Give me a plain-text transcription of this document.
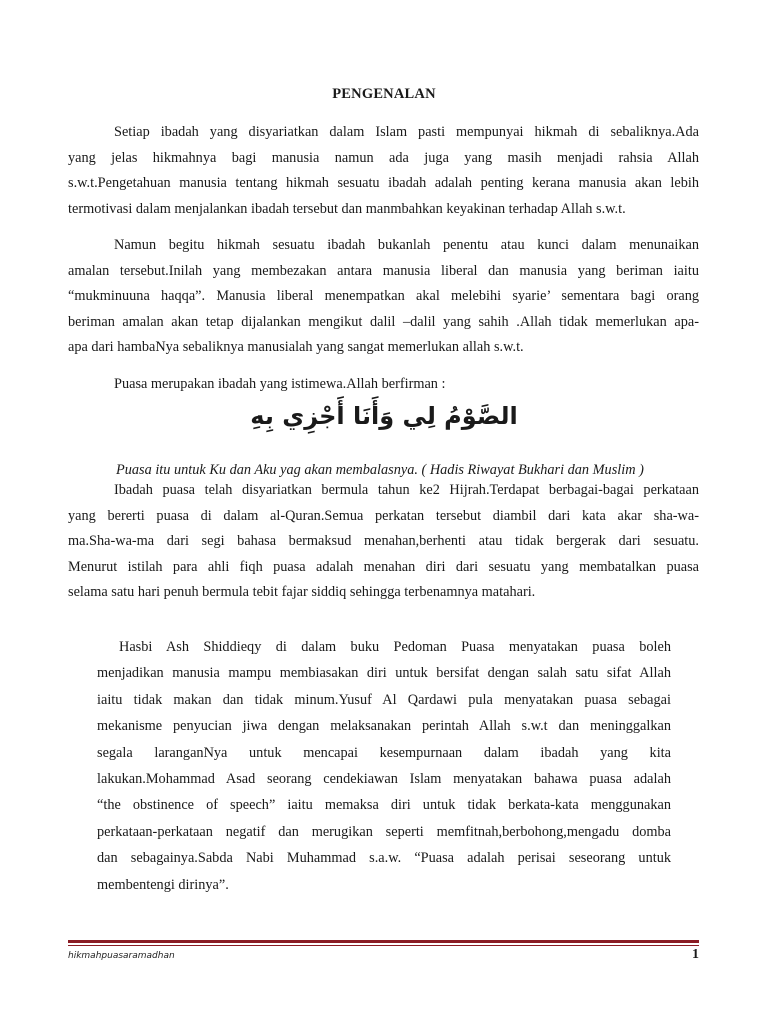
PENGENALAN
Setiap ibadah yang disyariatkan dalam Islam pasti mempunyai hikmah di sebaliknya.Ada
yang jelas hikmahnya bagi manusia namun ada juga yang masih menjadi rahsia Allah
s.w.t.Pengetahuan manusia tentang hikmah sesuatu ibadah adalah penting kerana manusia akan lebih
termotivasi dalam menjalankan ibadah tersebut dan manmbahkan keyakinan terhadap Allah s.w.t.
Namun begitu hikmah sesuatu ibadah bukanlah penentu atau kunci dalam menunaikan
amalan tersebut.Inilah yang membezakan antara manusia liberal dan manusia yang beriman iaitu
“mukminuuna haqqa”. Manusia liberal menempatkan akal melebihi syarie’ sementara bagi orang
beriman amalan akan tetap dijalankan mengikut dalil –dalil yang sahih .Allah tidak memerlukan apa-
apa dari hambaNya sebaliknya manusialah yang sangat memerlukan allah s.w.t.
Puasa merupakan ibadah yang istimewa.Allah berfirman :
الصَّوْمُ لِي وَأَنَا أَجْزِي بِهِ
Puasa itu untuk Ku dan Aku yag akan membalasnya. ( Hadis Riwayat Bukhari dan Muslim )
Ibadah puasa telah disyariatkan bermula tahun ke2 Hijrah.Terdapat berbagai-bagai perkataan
yang bererti puasa di dalam al-Quran.Semua perkatan tersebut diambil dari kata akar sha-wa-
ma.Sha-wa-ma dari segi bahasa bermaksud menahan,berhenti atau tidak bergerak dari sesuatu.
Menurut istilah para ahli fiqh puasa adalah menahan diri dari sesuatu yang membatalkan puasa
selama satu hari penuh bermula tebit fajar siddiq sehingga terbenamnya matahari.
Hasbi Ash Shiddieqy di dalam buku Pedoman Puasa menyatakan puasa boleh
menjadikan manusia mampu membiasakan diri untuk bersifat dengan salah satu sifat Allah
iaitu tidak makan dan tidak minum.Yusuf Al Qardawi pula menyatakan puasa sebagai
mekanisme penyucian jiwa dengan melaksanakan perintah Allah s.w.t dan meninggalkan
segala laranganNya untuk mencapai kesempurnaan dalam ibadah yang kita
lakukan.Mohammad Asad seorang cendekiawan Islam menyatakan bahawa puasa adalah
“the obstinence of speech” iaitu memaksa diri untuk tidak berkata-kata menggunakan
perkataan-perkataan negatif dan merugikan seperti memfitnah,berbohong,mengadu domba
dan sebagainya.Sabda Nabi Muhammad s.a.w. “Puasa adalah perisai seseorang untuk
membentengi dirinya”.
hikmahpuasaramadhan	1
